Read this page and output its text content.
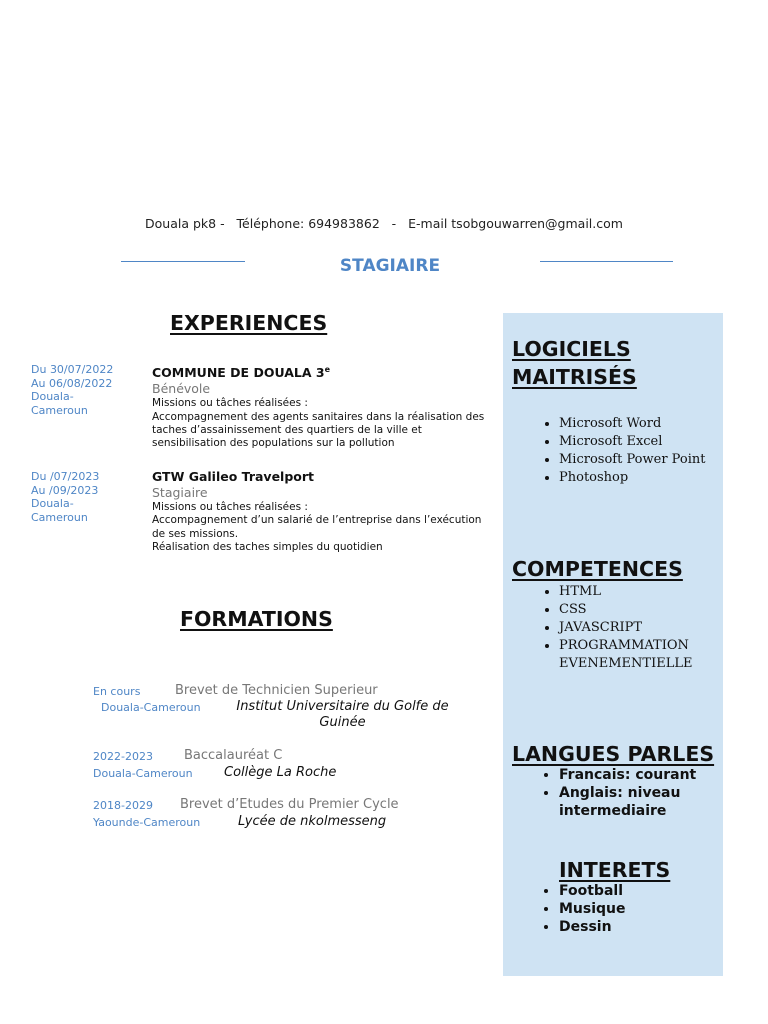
Douala pk8 -   Téléphone: 694983862   -   E-mail tsobgouwarren@gmail.com
STAGIAIRE
EXPERIENCES
Du 30/07/2022
Au 06/08/2022
Douala-Cameroun
COMMUNE DE DOUALA 3e
Bénévole
Missions ou tâches réalisées :
Accompagnement des agents sanitaires dans la réalisation des taches d’assainissement des quartiers de la ville et sensibilisation des populations sur la pollution
Du /07/2023
Au /09/2023
Douala-Cameroun
GTW Galileo Travelport
Stagiaire
Missions ou tâches réalisées :
Accompagnement d’un salarié de l’entreprise dans l’exécution de ses missions.
Réalisation des taches simples du quotidien
FORMATIONS
En cours	Brevet de Technicien Superieur
Douala-Cameroun	Institut Universitaire du Golfe de Guinée
2022-2023 Baccalauréat C
Douala-Cameroun Collège La Roche
2018-2029 Brevet d’Etudes du Premier Cycle
Yaounde-Cameroun	Lycée de nkolmesseng
LOGICIELS
MAITRISÉS
• Microsoft Word
• Microsoft Excel
• Microsoft Power Point
• Photoshop
COMPETENCES
• HTML
• CSS
• JAVASCRIPT
• PROGRAMMATION EVENEMENTIELLE
LANGUES PARLES
• Francais: courant
• Anglais: niveau intermediaire
INTERETS
• Football
• Musique
• Dessin
